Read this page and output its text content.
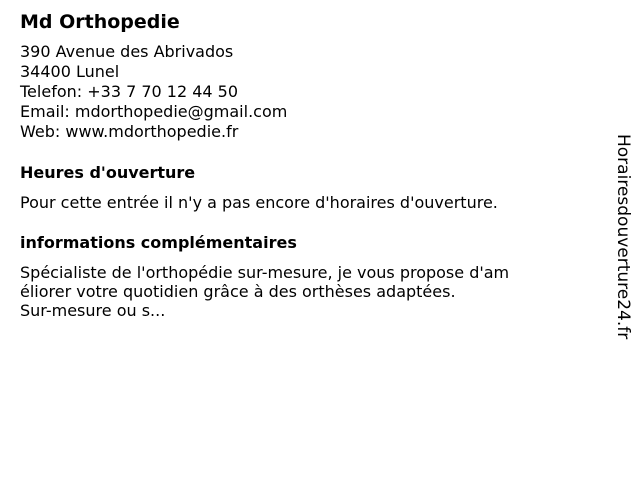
Md Orthopedie
390 Avenue des Abrivados
34400 Lunel
Telefon: +33 7 70 12 44 50
Email: mdorthopedie@gmail.com
Web: www.mdorthopedie.fr
Heures d'ouverture
Pour cette entrée il n'y a pas encore d'horaires d'ouverture.
informations complémentaires
Spécialiste de l'orthopédie sur-mesure, je vous propose d'am
éliorer votre quotidien grâce à des orthèses adaptées.
Sur-mesure ou s...	Horairesdouverture24.fr
